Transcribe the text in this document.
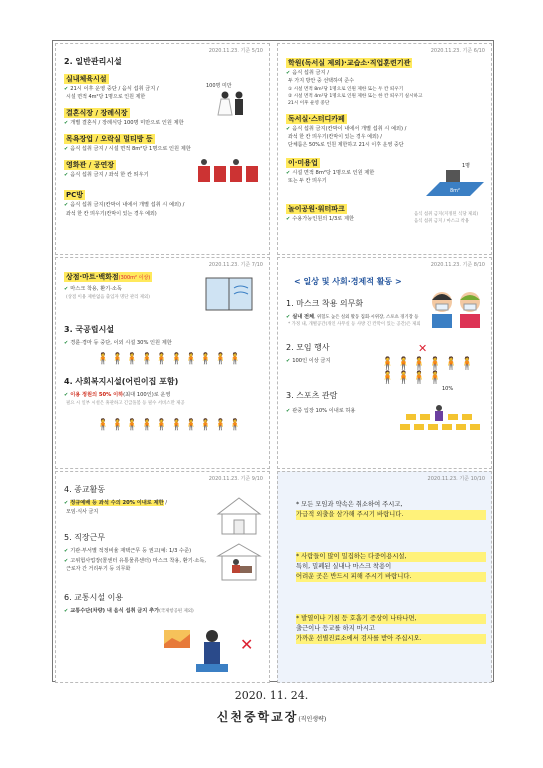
2020.11.23. 기준 5/10
2. 일반관리시설
실내체육시설
✔ 21시 이후 운영 중단 / 음식 섭취 금지 /
시설 면적 4m²당 1명으로 인원 제한
100명 미만
결혼식장 / 장례식장
✔ 개별 결혼식 / 장례식당 100명 미만으로 인원 제한
목욕장업 / 오락실 멀티방 등
✔ 음식 섭취 금지 / 시설 면적 8m²당 1명으로 인원 제한
영화관 / 공연장
✔ 음식 섭취 금지 / 좌석 한 칸 띄우기
PC방
✔ 음식 섭취 금지(칸막이 내에서 개별 섭취 시 예외) /
좌석 한 칸 띄우기(칸막이 있는 경우 예외)
2020.11.23. 기준 6/10
학원(독서실 제외)·교습소·직업훈련기관
✔ 음식 섭취 금지 /
두 가지 방안 중 선택하여 준수
① 시설 면적 8m²당 1명으로 인원 제한 또는 두 칸 띄우기
② 시설 면적 4m²당 1명으로 인원 제한 또는 한 칸 띄우기 실시하고
21시 이후 운영 중단
독서실·스터디카페
✔ 음식 섭취 금지(칸막이 내에서 개별 섭취 시 예외) /
좌석 한 칸 띄우기(칸막이 있는 경우 예외) /
단체룸은 50%로 인원 제한하고 21시 이후 운영 중단
이·미용업
✔ 시설 면적 8m²당 1명으로 인원 제한
또는 두 칸 띄우기
1명
8m²
놀이공원·워터파크
✔ 수용가능인원의 1/3로 제한
음식 섭취 금지(지정된 식당 제외)
음식 섭취 금지 / 마스크 착용
2020.11.23. 기준 7/10
상점·마트·백화점(300m² 이상)
✔ 마스크 착용, 환기·소독
(상점 이용 제한없음 출입자 명단 관리 제외)
3. 국공립시설
✔ 경륜·경마 등 중단, 이외 시설 30% 인원 제한
🧍🧍🧍🧍🧍🧍🧍🧍🧍🧍
4. 사회복지시설(어린이집 포함)
✔ 이용 정원의 50% 이하(최대 100인)로 운영
필요 시 일부 시설은 휴관하고 긴급돌봄 등 필수 서비스만 제공
🧍🧍🧍🧍🧍🧍🧍🧍🧍🧍
2020.11.23. 기준 8/10
< 일상 및 사회·경제적 활동 >
1. 마스크 착용 의무화
✔ 실내 전체, 위험도 높은 실외 활동 집회·시위장, 스포츠 경기장 등
* 가정 내, 개별공간(개인 사무실 등 사방 긴 칸막이 있는 공간)은 제외
2. 모임 행사
✔ 100인 이상 금지	🧍🧍🧍🧍🧍🧍🧍🧍🧍🧍
✕
3. 스포츠 관람
✔ 관중 입장 10% 이내로 허용
10%
2020.11.23. 기준 9/10
4. 종교활동
✔ 정규예배 등 좌석 수의 20% 이내로 제한 /
모임·식사 금지
5. 직장근무
✔ 기관·부서별 적정비율 재택근무 등 권고(예: 1/3 수준)
✔ 고위험사업장(콜센터 유통물류센터) 마스크 착용, 환기·소독,
근로자 간 거리두기 등 의무화
6. 교통시설 이용
✔ 교통수단(차량) 내 음식 섭취 금지 추가(국제항공편 제외)
✕
2020.11.23. 기준 10/10
* 모든 모임과 약속은 취소하여 주시고,
가급적 외출을 삼가해 주시기 바랍니다.
* 사람들이 많이 밀집하는 다중이용시설,
특히, 밀폐된 실내나 마스크 착용이
어려운 곳은 반드시 피해 주시기 바랍니다.
* 발열이나 기침 등 호흡기 증상이 나타나면,
출근이나 등교를 하지 마시고
가까운 선별진료소에서 검사를 받아 주십시오.
2020. 11. 24.
신천중학교장(직인생략)
